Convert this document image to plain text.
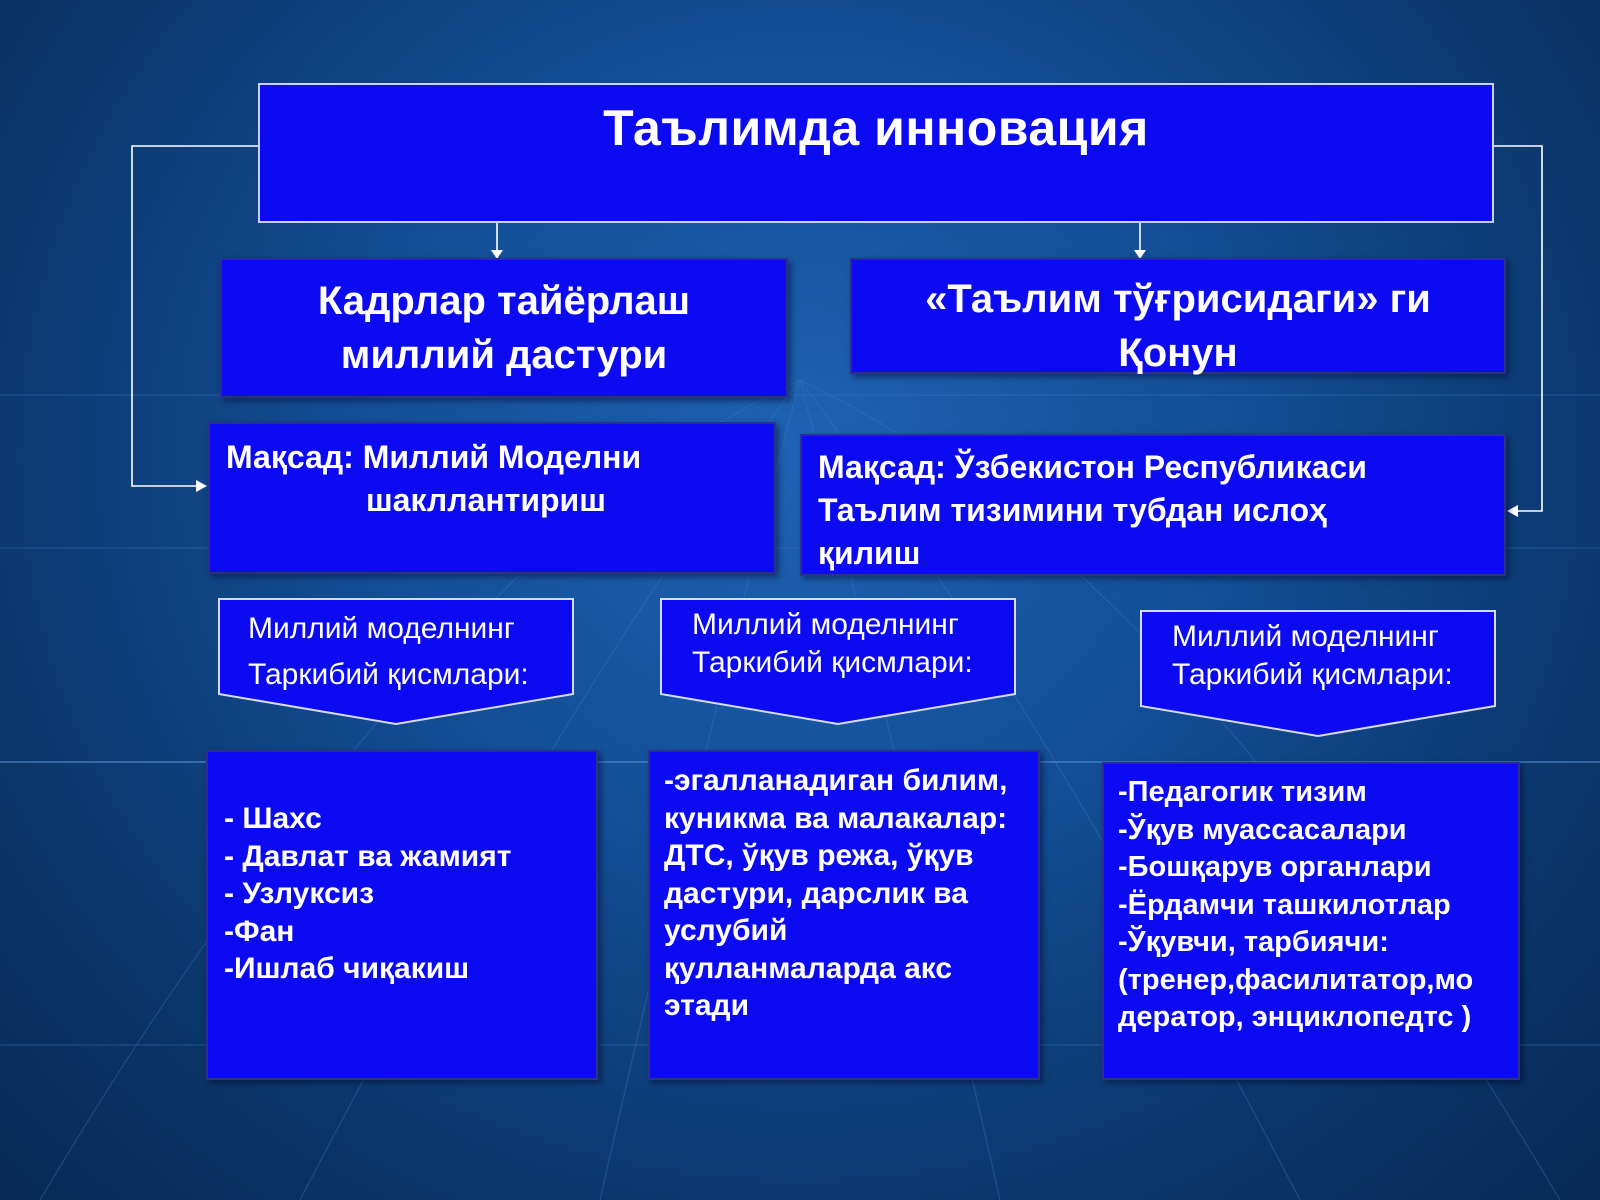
Таълимда инновация
Кадрлар тайёрлаш
миллий дастури
«Таълим тўғрисидаги» ги
Қонун
Мақсад: Миллий Моделни
шакллантириш
Мақсад: Ўзбекистон Республикаси
Таълим тизимини тубдан ислоҳ
қилиш
Миллий моделнинг
Таркибий қисмлари:
Миллий моделнинг
Таркибий қисмлари:
Миллий моделнинг
Таркибий қисмлари:
- Шахс
- Давлат ва жамият
- Узлуксиз
-Фан
-Ишлаб чиқакиш
-эгалланадиган билим,
куникма ва малакалар:
ДТС, ўқув режа, ўқув
дастури, дарслик ва
услубий
қулланмаларда акс
этади
-Педагогик тизим
-Ўқув муассасалари
-Бошқарув органлари
-Ёрдамчи ташкилотлар
-Ўқувчи, тарбиячи:
(тренер,фасилитатор,мо
дератор, энциклопедтс )
